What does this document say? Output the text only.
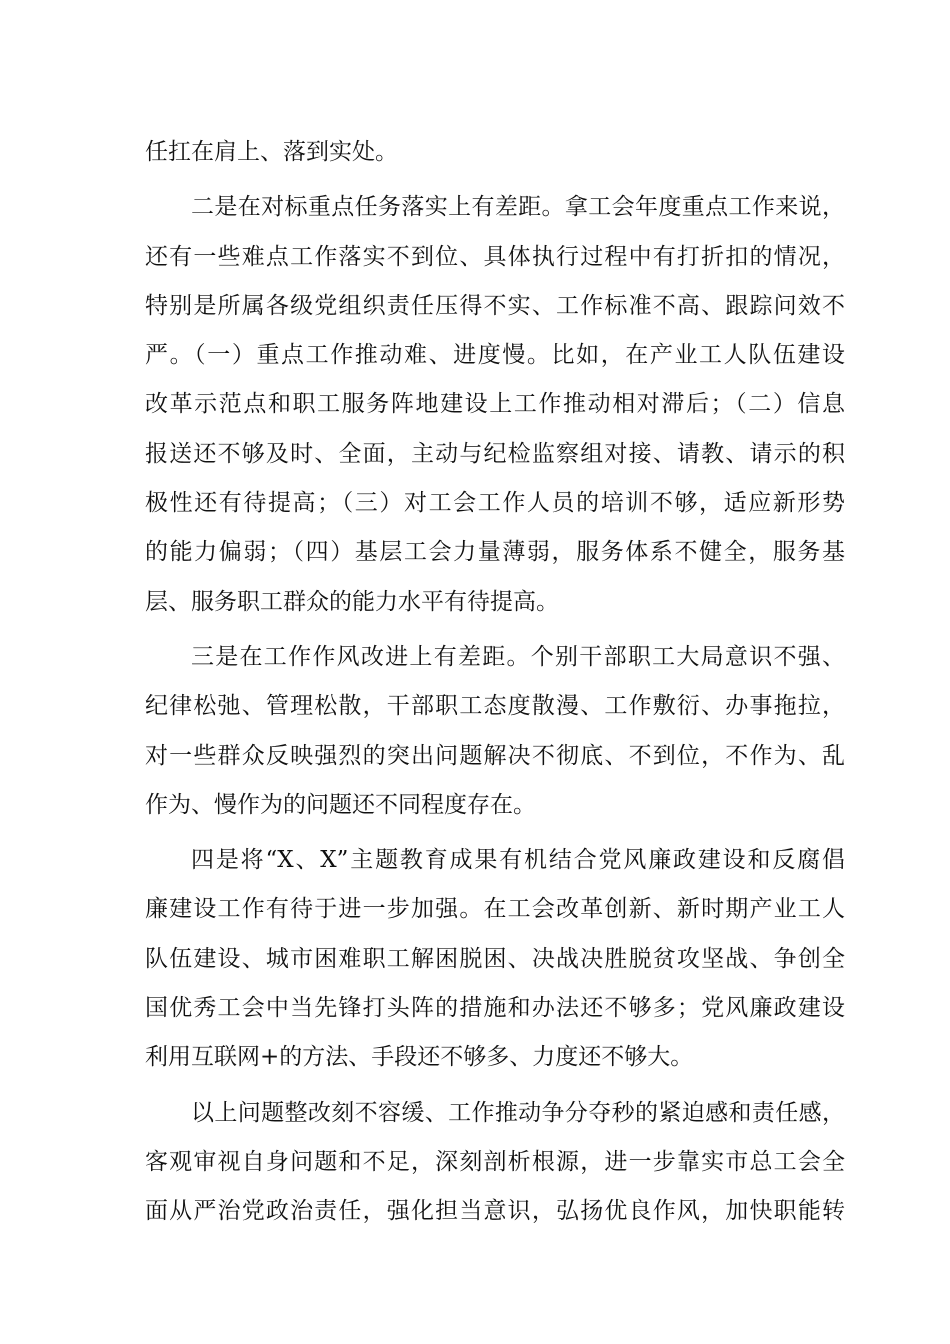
任扛在肩上、落到实处。
二是在对标重点任务落实上有差距。拿工会年度重点工作来说，
还有一些难点工作落实不到位、具体执行过程中有打折扣的情况，
特别是所属各级党组织责任压得不实、工作标准不高、跟踪问效不
严。（一）重点工作推动难、进度慢。比如，在产业工人队伍建设
改革示范点和职工服务阵地建设上工作推动相对滞后；（二）信息
报送还不够及时、全面，主动与纪检监察组对接、请教、请示的积
极性还有待提高；（三）对工会工作人员的培训不够，适应新形势
的能力偏弱；（四）基层工会力量薄弱，服务体系不健全，服务基
层、服务职工群众的能力水平有待提高。
三是在工作作风改进上有差距。个别干部职工大局意识不强、
纪律松弛、管理松散，干部职工态度散漫、工作敷衍、办事拖拉，
对一些群众反映强烈的突出问题解决不彻底、不到位，不作为、乱
作为、慢作为的问题还不同程度存在。
四是将“X、X”主题教育成果有机结合党风廉政建设和反腐倡
廉建设工作有待于进一步加强。在工会改革创新、新时期产业工人
队伍建设、城市困难职工解困脱困、决战决胜脱贫攻坚战、争创全
国优秀工会中当先锋打头阵的措施和办法还不够多；党风廉政建设
利用互联网+的方法、手段还不够多、力度还不够大。
以上问题整改刻不容缓、工作推动争分夺秒的紧迫感和责任感，
客观审视自身问题和不足，深刻剖析根源，进一步靠实市总工会全
面从严治党政治责任，强化担当意识，弘扬优良作风，加快职能转
